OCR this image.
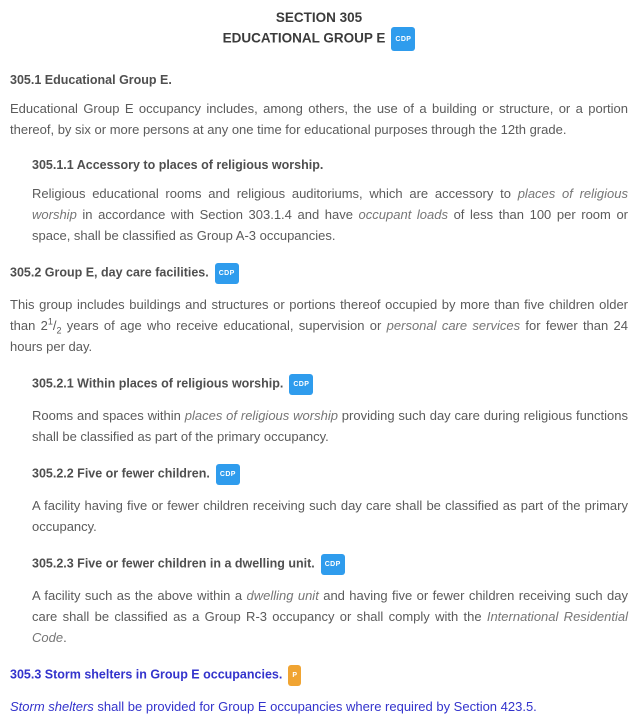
SECTION 305
EDUCATIONAL GROUP E CDP
305.1 Educational Group E.

Educational Group E occupancy includes, among others, the use of a building or structure, or a portion thereof, by six or more persons at any one time for educational purposes through the 12th grade.

305.1.1 Accessory to places of religious worship.

Religious educational rooms and religious auditoriums, which are accessory to places of religious worship in accordance with Section 303.1.4 and have occupant loads of less than 100 per room or space, shall be classified as Group A-3 occupancies.

305.2 Group E, day care facilities. CDP

This group includes buildings and structures or portions thereof occupied by more than five children older than $2^1/_2$ years of age who receive educational, supervision or personal care services for fewer than 24 hours per day.

305.2.1 Within places of religious worship. CDP

Rooms and spaces within places of religious worship providing such day care during religious functions shall be classified as part of the primary occupancy.

305.2.2 Five or fewer children. CDP

A facility having five or fewer children receiving such day care shall be classified as part of the primary occupancy.

305.2.3 Five or fewer children in a dwelling unit. CDP

A facility such as the above within a dwelling unit and having five or fewer children receiving such day care shall be classified as a Group R-3 occupancy or shall comply with the International Residential Code.

305.3 Storm shelters in Group E occupancies. P

Storm shelters shall be provided for Group E occupancies where required by Section 423.5.
